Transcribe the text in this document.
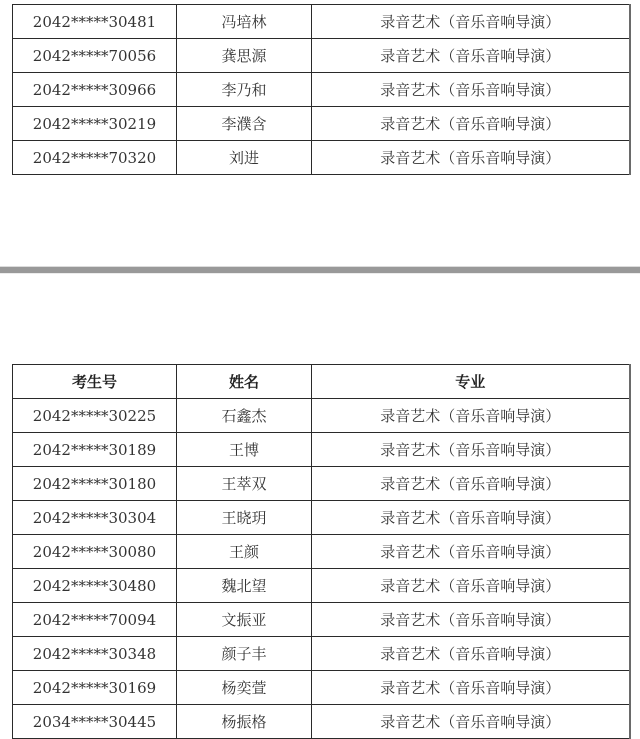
2042*****30481	冯培林	录音艺术（音乐音响导演）
2042*****70056	龚思源	录音艺术（音乐音响导演）
2042*****30966	李乃和	录音艺术（音乐音响导演）
2042*****30219	李濮含	录音艺术（音乐音响导演）
2042*****70320	刘进	录音艺术（音乐音响导演）
考生号	姓名	专业
2042*****30225	石鑫杰	录音艺术（音乐音响导演）
2042*****30189	王博	录音艺术（音乐音响导演）
2042*****30180	王萃双	录音艺术（音乐音响导演）
2042*****30304	王晓玥	录音艺术（音乐音响导演）
2042*****30080	王颜	录音艺术（音乐音响导演）
2042*****30480	魏北望	录音艺术（音乐音响导演）
2042*****70094	文振亚	录音艺术（音乐音响导演）
2042*****30348	颜子丰	录音艺术（音乐音响导演）
2042*****30169	杨奕萱	录音艺术（音乐音响导演）
2034*****30445	杨振格	录音艺术（音乐音响导演）
